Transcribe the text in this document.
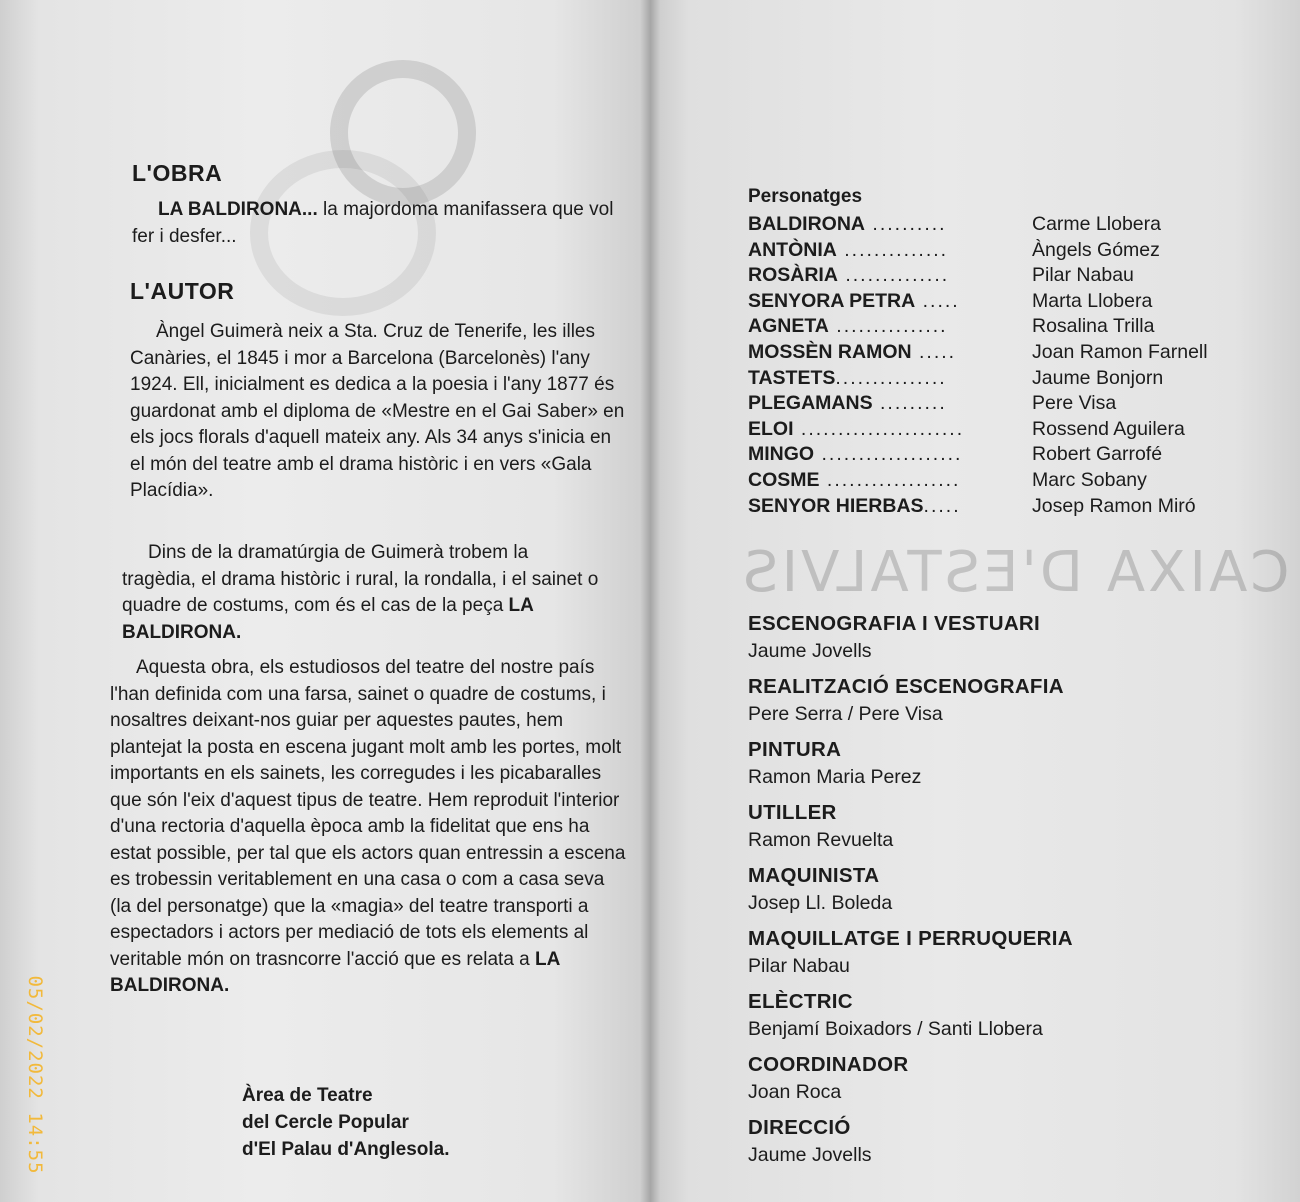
L'OBRA

LA BALDIRONA... la majordoma manifassera que vol fer i desfer...

L'AUTOR

Àngel Guimerà neix a Sta. Cruz de Tenerife, les illes Canàries, el 1845 i mor a Barcelona (Barcelonès) l'any 1924. Ell, inicialment es dedica a la poesia i l'any 1877 és guardonat amb el diploma de «Mestre en el Gai Saber» en els jocs florals d'aquell mateix any. Als 34 anys s'inicia en el món del teatre amb el drama històric i en vers «Gala Placídia».

Dins de la dramatúrgia de Guimerà trobem la tragèdia, el drama històric i rural, la rondalla, i el sainet o quadre de costums, com és el cas de la peça LA BALDIRONA.

Aquesta obra, els estudiosos del teatre del nostre país l'han definida com una farsa, sainet o quadre de costums, i nosaltres deixant-nos guiar per aquestes pautes, hem plantejat la posta en escena jugant molt amb les portes, molt importants en els sainets, les corregudes i les picabaralles que són l'eix d'aquest tipus de teatre. Hem reproduit l'interior d'una rectoria d'aquella època amb la fidelitat que ens ha estat possible, per tal que els actors quan entressin a escena es trobessin veritablement en una casa o com a casa seva (la del personatge) que la «magia» del teatre transporti a espectadors i actors per mediació de tots els elements al veritable món on trasncorre l'acció que es relata a LA BALDIRONA.

Àrea de Teatre
del Cercle Popular
d'El Palau d'Anglesola.
05/02/2022 14:55
CAIXA D'ESTALVIS

Personatges

BALDIRONA ..........	Carme Llobera
ANTÒNIA ..............	Àngels Gómez
ROSÀRIA ..............	Pilar Nabau
SENYORA PETRA .....	Marta Llobera
AGNETA ...............	Rosalina Trilla
MOSSÈN RAMON .....	Joan Ramon Farnell
TASTETS...............	Jaume Bonjorn
PLEGAMANS .........	Pere Visa
ELOI ......................	Rossend Aguilera
MINGO ...................	Robert Garrofé
COSME ..................	Marc Sobany
SENYOR HIERBAS.....	Josep Ramon Miró
ESCENOGRAFIA I VESTUARI
Jaume Jovells
REALITZACIÓ ESCENOGRAFIA
Pere Serra / Pere Visa
PINTURA
Ramon Maria Perez
UTILLER
Ramon Revuelta
MAQUINISTA
Josep Ll. Boleda
MAQUILLATGE I PERRUQUERIA
Pilar Nabau
ELÈCTRIC
Benjamí Boixadors / Santi Llobera
COORDINADOR
Joan Roca
DIRECCIÓ
Jaume Jovells
